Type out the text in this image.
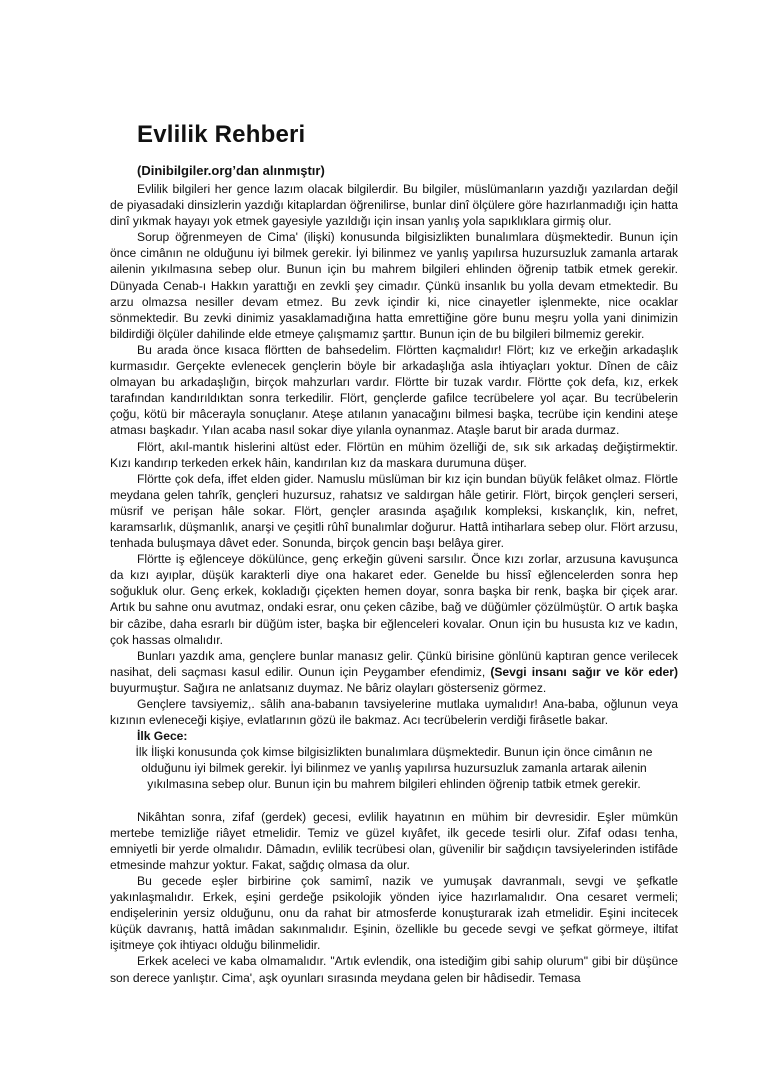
Evlilik Rehberi
(Dinibilgiler.org’dan alınmıştır)

Evlilik bilgileri her gence lazım olacak bilgilerdir. Bu bilgiler, müslümanların yazdığı yazılardan değil de piyasadaki dinsizlerin yazdığı kitaplardan öğrenilirse, bunlar dinî ölçülere göre hazırlanmadığı için hatta dinî yıkmak hayayı yok etmek gayesiyle yazıldığı için insan yanlış yola sapıklıklara girmiş olur.

Sorup öğrenmeyen de Cima' (ilişki) konusunda bilgisizlikten bunalımlara düşmektedir. Bunun için önce cimânın ne olduğunu iyi bilmek gerekir. İyi bilinmez ve yanlış yapılırsa huzursuzluk zamanla artarak ailenin yıkılmasına sebep olur. Bunun için bu mahrem bilgileri ehlinden öğrenip tatbik etmek gerekir. Dünyada Cenab-ı Hakkın yarattığı en zevkli şey cimadır. Çünkü insanlık bu yolla devam etmektedir. Bu arzu olmazsa nesiller devam etmez. Bu zevk içindir ki, nice cinayetler işlenmekte, nice ocaklar sönmektedir. Bu zevki dinimiz yasaklamadığına hatta emrettiğine göre bunu meşru yolla yani dinimizin bildirdiği ölçüler dahilinde elde etmeye çalışmamız şarttır. Bunun için de bu bilgileri bilmemiz gerekir.

Bu arada önce kısaca flörtten de bahsedelim. Flörtten kaçmalıdır! Flört; kız ve erkeğin arkadaşlık kurmasıdır. Gerçekte evlenecek gençlerin böyle bir arkadaşlığa asla ihtiyaçları yoktur. Dînen de câiz olmayan bu arkadaşlığın, birçok mahzurları vardır. Flörtte bir tuzak vardır. Flörtte çok defa, kız, erkek tarafından kandırıldıktan sonra terkedilir. Flört, gençlerde gafilce tecrübelere yol açar. Bu tecrübelerin çoğu, kötü bir mâcerayla sonuçlanır. Ateşe atılanın yanacağını bilmesi başka, tecrübe için kendini ateşe atması başkadır. Yılan acaba nasıl sokar diye yılanla oynanmaz. Ataşle barut bir arada durmaz.

Flört, akıl-mantık hislerini altüst eder. Flörtün en mühim özelliği de, sık sık arkadaş değiştirmektir. Kızı kandırıp terkeden erkek hâin, kandırılan kız da maskara durumuna düşer.

Flörtte çok defa, iffet elden gider. Namuslu müslüman bir kız için bundan büyük felâket olmaz. Flörtle meydana gelen tahrîk, gençleri huzursuz, rahatsız ve saldırgan hâle getirir. Flört, birçok gençleri serseri, müsrif ve perişan hâle sokar. Flört, gençler arasında aşağılık kompleksi, kıskançlık, kin, nefret, karamsarlık, düşmanlık, anarşi ve çeşitli rûhî bunalımlar doğurur. Hattâ intiharlara sebep olur. Flört arzusu, tenhada buluşmaya dâvet eder. Sonunda, birçok gencin başı belâya girer.

Flörtte iş eğlenceye dökülünce, genç erkeğin güveni sarsılır. Önce kızı zorlar, arzusuna kavuşunca da kızı ayıplar, düşük karakterli diye ona hakaret eder. Genelde bu hissî eğlencelerden sonra hep soğukluk olur. Genç erkek, kokladığı çiçekten hemen doyar, sonra başka bir renk, başka bir çiçek arar. Artık bu sahne onu avutmaz, ondaki esrar, onu çeken câzibe, bağ ve düğümler çözülmüştür. O artık başka bir câzibe, daha esrarlı bir düğüm ister, başka bir eğlenceleri kovalar. Onun için bu hususta kız ve kadın, çok hassas olmalıdır.

Bunları yazdık ama, gençlere bunlar manasız gelir. Çünkü birisine gönlünü kaptıran gence verilecek nasihat, deli saçması kasul edilir. Ounun için Peygamber efendimiz, (Sevgi insanı sağır ve kör eder) buyurmuştur. Sağıra ne anlatsanız duymaz. Ne bâriz olayları gösterseniz görmez.

Gençlere tavsiyemiz,. sâlih ana-babanın tavsiyelerine mutlaka uymalıdır! Ana-baba, oğlunun veya kızının evleneceği kişiye, evlatlarının gözü ile bakmaz. Acı tecrübelerin verdiği firâsetle bakar.

İlk Gece:

İlk İlişki konusunda çok kimse bilgisizlikten bunalımlara düşmektedir. Bunun için önce cimânın ne olduğunu iyi bilmek gerekir. İyi bilinmez ve yanlış yapılırsa huzursuzluk zamanla artarak ailenin yıkılmasına sebep olur. Bunun için bu mahrem bilgileri ehlinden öğrenip tatbik etmek gerekir.

Nikâhtan sonra, zifaf (gerdek) gecesi, evlilik hayatının en mühim bir devresidir. Eşler mümkün mertebe temizliğe riâyet etmelidir. Temiz ve güzel kıyâfet, ilk gecede tesirli olur. Zifaf odası tenha, emniyetli bir yerde olmalıdır. Dâmadın, evlilik tecrübesi olan, güvenilir bir sağdıçın tavsiyelerinden istifâde etmesinde mahzur yoktur. Fakat, sağdıç olmasa da olur.

Bu gecede eşler birbirine çok samimî, nazik ve yumuşak davranmalı, sevgi ve şefkatle yakınlaşmalıdır. Erkek, eşini gerdeğe psikolojik yönden iyice hazırlamalıdır. Ona cesaret vermeli; endişelerinin yersiz olduğunu, onu da rahat bir atmosferde konuşturarak izah etmelidir. Eşini incitecek küçük davranış, hattâ imâdan sakınmalıdır. Eşinin, özellikle bu gecede sevgi ve şefkat görmeye, iltifat işitmeye çok ihtiyacı olduğu bilinmelidir.

Erkek aceleci ve kaba olmamalıdır. "Artık evlendik, ona istediğim gibi sahip olurum" gibi bir düşünce son derece yanlıştır. Cima', aşk oyunları sırasında meydana gelen bir hâdisedir. Temasa
